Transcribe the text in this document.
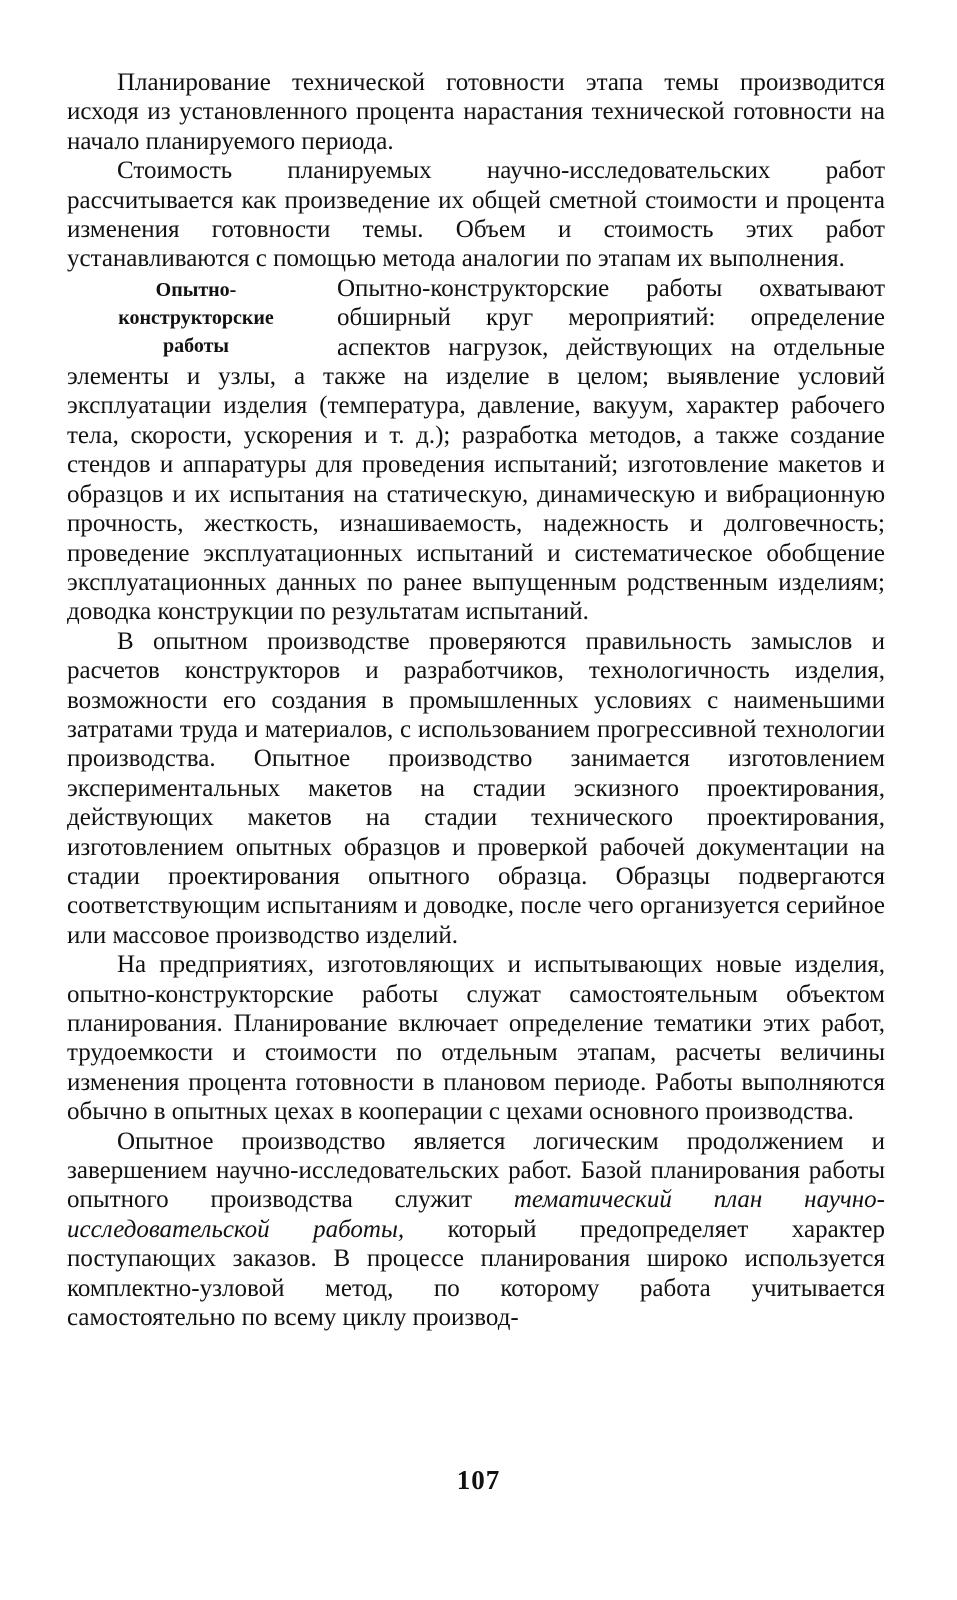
Планирование технической готовности этапа темы производится исходя из установленного процента нарастания технической готовности на начало планируемого периода.

Стоимость планируемых научно-исследовательских работ рассчитывается как произведение их общей сметной стоимости и процента изменения готовности темы. Объем и стоимость этих работ устанавливаются с помощью метода аналогии по этапам их выполнения.

Опытно-
конструкторские
работы

Опытно-конструкторские работы охватывают обширный круг мероприятий: определение аспектов нагрузок, действующих на отдельные элементы и узлы, а также на изделие в целом; выявление условий эксплуатации изделия (температура, давление, вакуум, характер рабочего тела, скорости, ускорения и т. д.); разработка методов, а также создание стендов и аппаратуры для проведения испытаний; изготовление макетов и образцов и их испытания на статическую, динамическую и вибрационную прочность, жесткость, изнашиваемость, надежность и долговечность; проведение эксплуатационных испытаний и систематическое обобщение эксплуатационных данных по ранее выпущенным родственным изделиям; доводка конструкции по результатам испытаний.

В опытном производстве проверяются правильность замыслов и расчетов конструкторов и разработчиков, технологичность изделия, возможности его создания в промышленных условиях с наименьшими затратами труда и материалов, с использованием прогрессивной технологии производства. Опытное производство занимается изготовлением экспериментальных макетов на стадии эскизного проектирования, действующих макетов на стадии технического проектирования, изготовлением опытных образцов и проверкой рабочей документации на стадии проектирования опытного образца. Образцы подвергаются соответствующим испытаниям и доводке, после чего организуется серийное или массовое производство изделий.

На предприятиях, изготовляющих и испытывающих новые изделия, опытно-конструкторские работы служат самостоятельным объектом планирования. Планирование включает определение тематики этих работ, трудоемкости и стоимости по отдельным этапам, расчеты величины изменения процента готовности в плановом периоде. Работы выполняются обычно в опытных цехах в кооперации с цехами основного производства.

Опытное производство является логическим продолжением и завершением научно-исследовательских работ. Базой планирования работы опытного производства служит тематический план научно-исследовательской работы, который предопределяет характер поступающих заказов. В процессе планирования широко используется комплектно-узловой метод, по которому работа учитывается самостоятельно по всему циклу производ-

107
